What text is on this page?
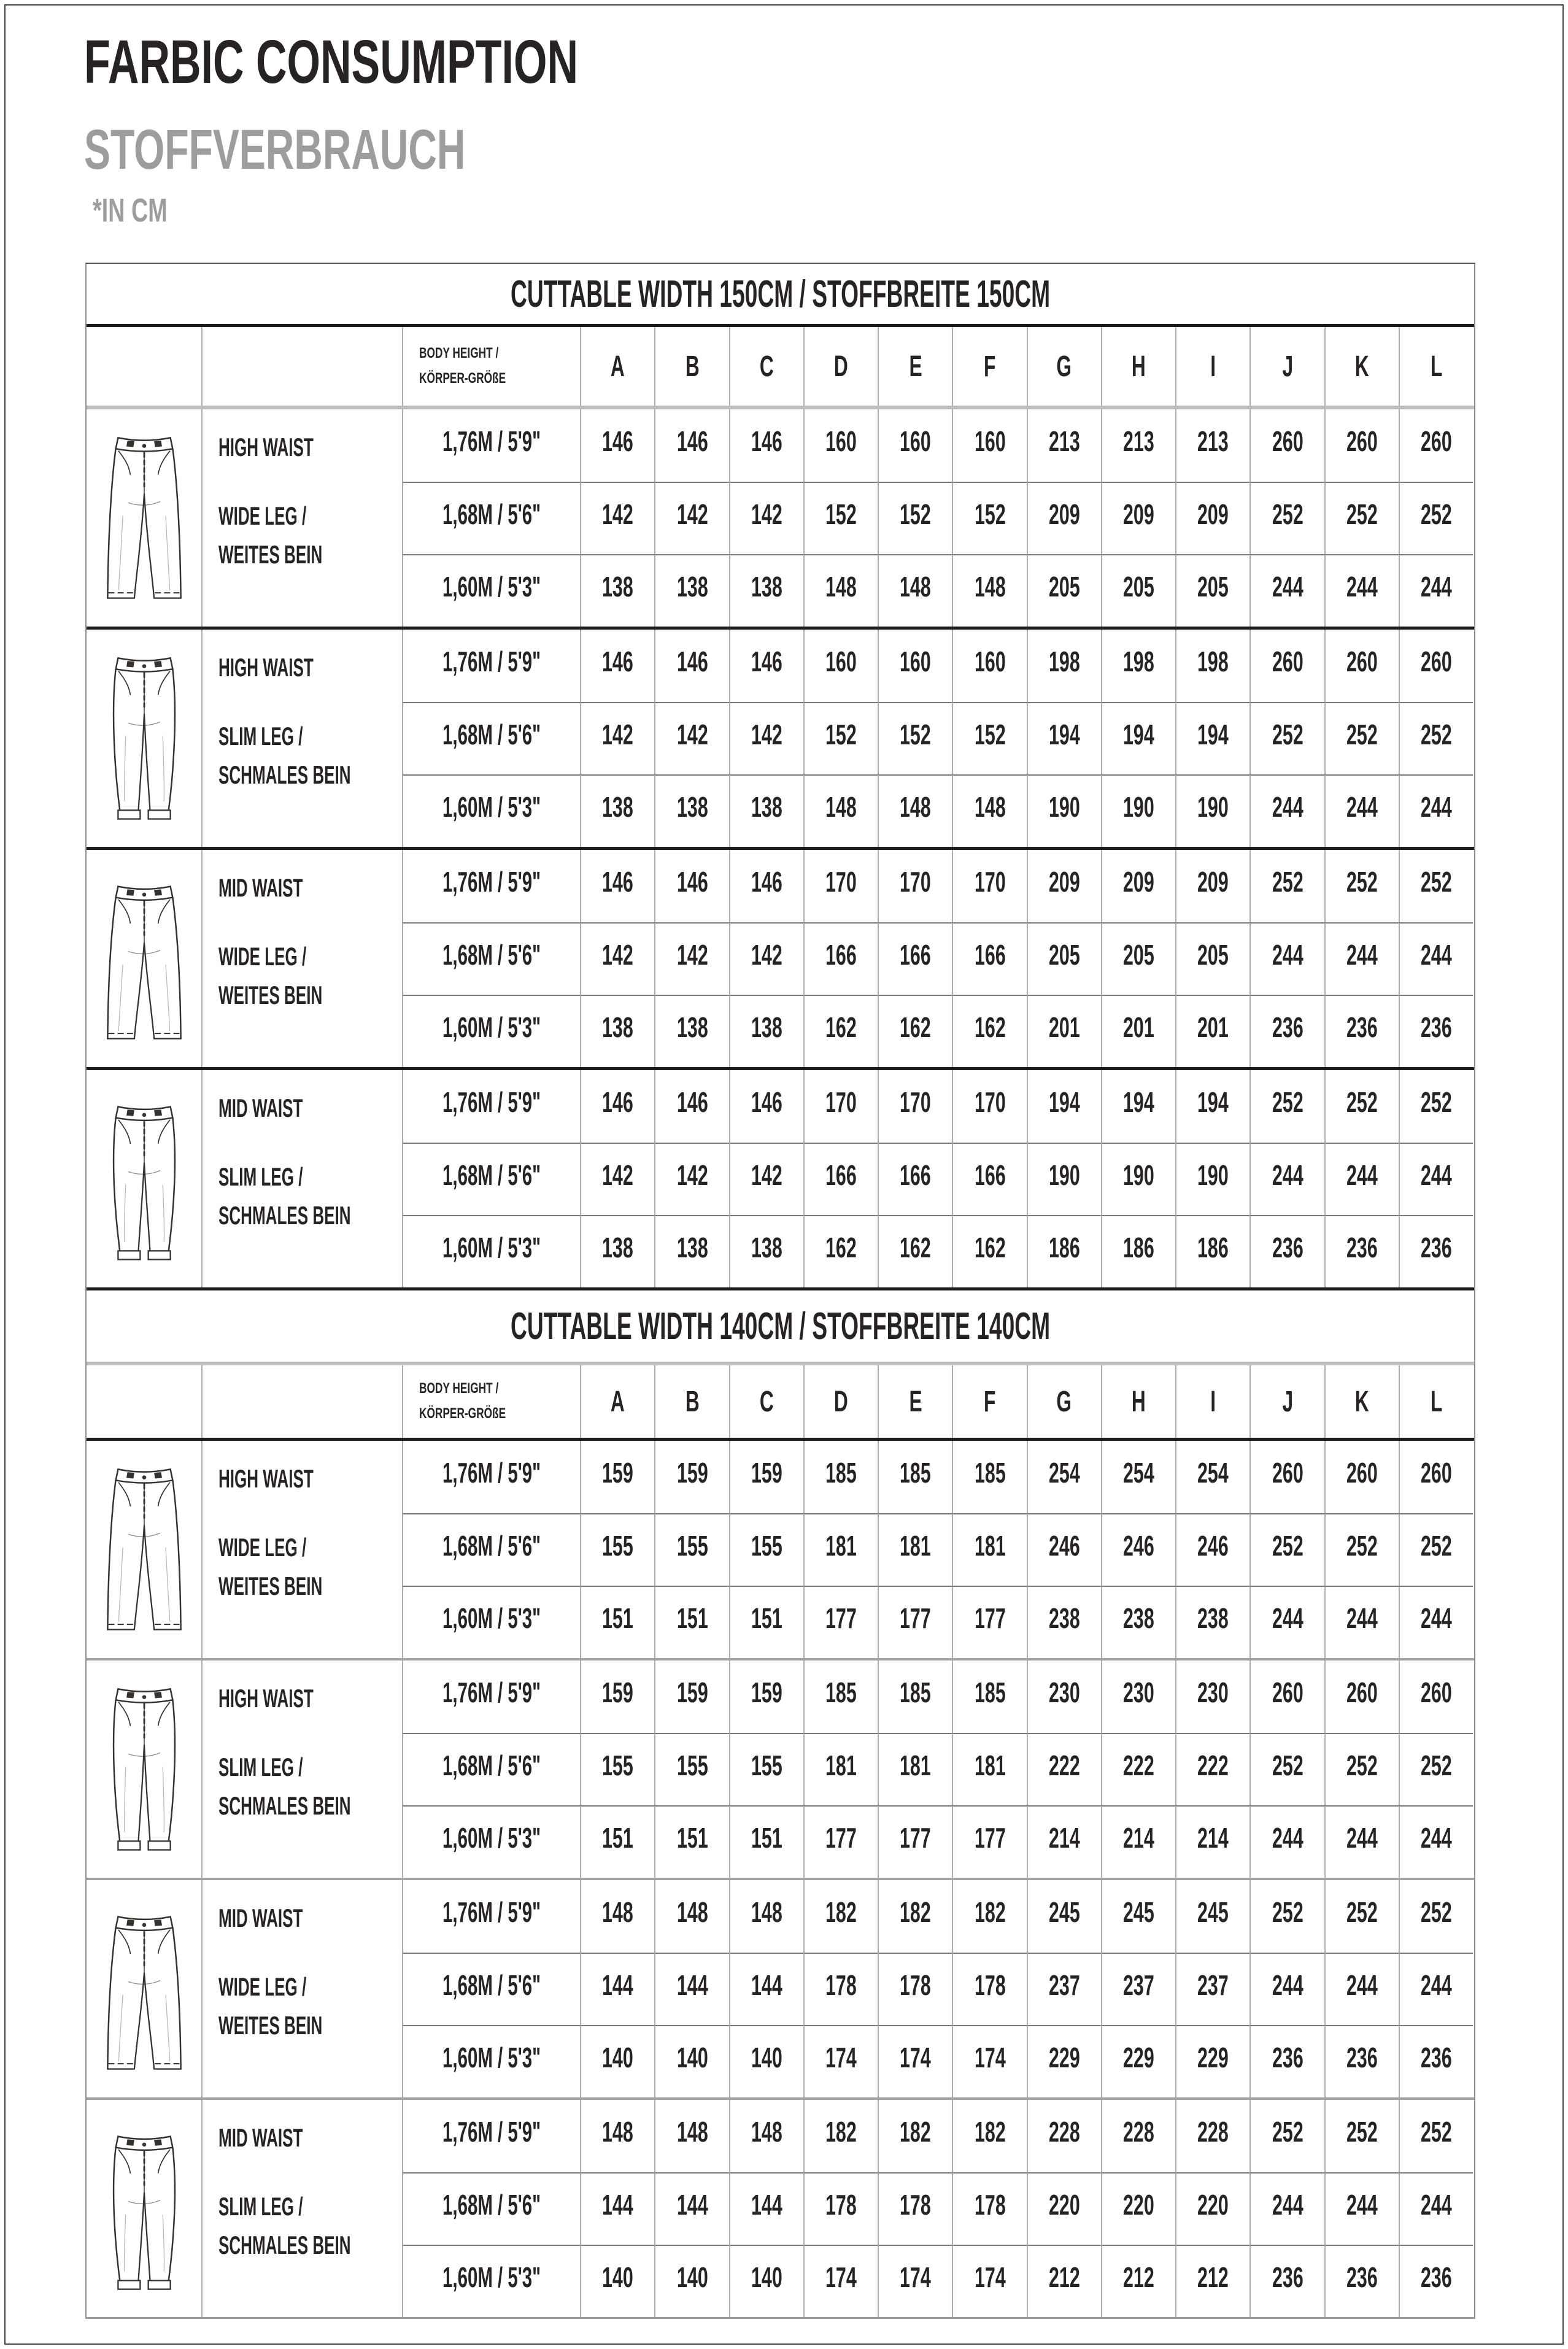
FARBIC CONSUMPTION
STOFFVERBRAUCH
*IN CM
CUTTABLE WIDTH 150CM / STOFFBREITE 150CM
BODY HEIGHT /
KÖRPER-GRÖßE	A B C D E F G H I J K L
HIGH WAIST
WIDE LEG /
WEITES BEIN
1,76M / 5'9" 146 146 146 160 160 160 213 213 213 260 260 260
1,68M / 5'6" 142 142 142 152 152 152 209 209 209 252 252 252
1,60M / 5'3" 138 138 138 148 148 148 205 205 205 244 244 244
HIGH WAIST
SLIM LEG /
SCHMALES BEIN
1,76M / 5'9" 146 146 146 160 160 160 198 198 198 260 260 260
1,68M / 5'6" 142 142 142 152 152 152 194 194 194 252 252 252
1,60M / 5'3" 138 138 138 148 148 148 190 190 190 244 244 244
MID WAIST
WIDE LEG /
WEITES BEIN
1,76M / 5'9" 146 146 146 170 170 170 209 209 209 252 252 252
1,68M / 5'6" 142 142 142 166 166 166 205 205 205 244 244 244
1,60M / 5'3" 138 138 138 162 162 162 201 201 201 236 236 236
MID WAIST
SLIM LEG /
SCHMALES BEIN
1,76M / 5'9" 146 146 146 170 170 170 194 194 194 252 252 252
1,68M / 5'6" 142 142 142 166 166 166 190 190 190 244 244 244
1,60M / 5'3" 138 138 138 162 162 162 186 186 186 236 236 236
CUTTABLE WIDTH 140CM / STOFFBREITE 140CM
BODY HEIGHT /
KÖRPER-GRÖßE	A B C D E F G H I J K L
HIGH WAIST
WIDE LEG /
WEITES BEIN
1,76M / 5'9" 159 159 159 185 185 185 254 254 254 260 260 260
1,68M / 5'6" 155 155 155 181 181 181 246 246 246 252 252 252
1,60M / 5'3" 151 151 151 177 177 177 238 238 238 244 244 244
HIGH WAIST
SLIM LEG /
SCHMALES BEIN
1,76M / 5'9" 159 159 159 185 185 185 230 230 230 260 260 260
1,68M / 5'6" 155 155 155 181 181 181 222 222 222 252 252 252
1,60M / 5'3" 151 151 151 177 177 177 214 214 214 244 244 244
MID WAIST
WIDE LEG /
WEITES BEIN
1,76M / 5'9" 148 148 148 182 182 182 245 245 245 252 252 252
1,68M / 5'6" 144 144 144 178 178 178 237 237 237 244 244 244
1,60M / 5'3" 140 140 140 174 174 174 229 229 229 236 236 236
MID WAIST
SLIM LEG /
SCHMALES BEIN
1,76M / 5'9" 148 148 148 182 182 182 228 228 228 252 252 252
1,68M / 5'6" 144 144 144 178 178 178 220 220 220 244 244 244
1,60M / 5'3" 140 140 140 174 174 174 212 212 212 236 236 236
